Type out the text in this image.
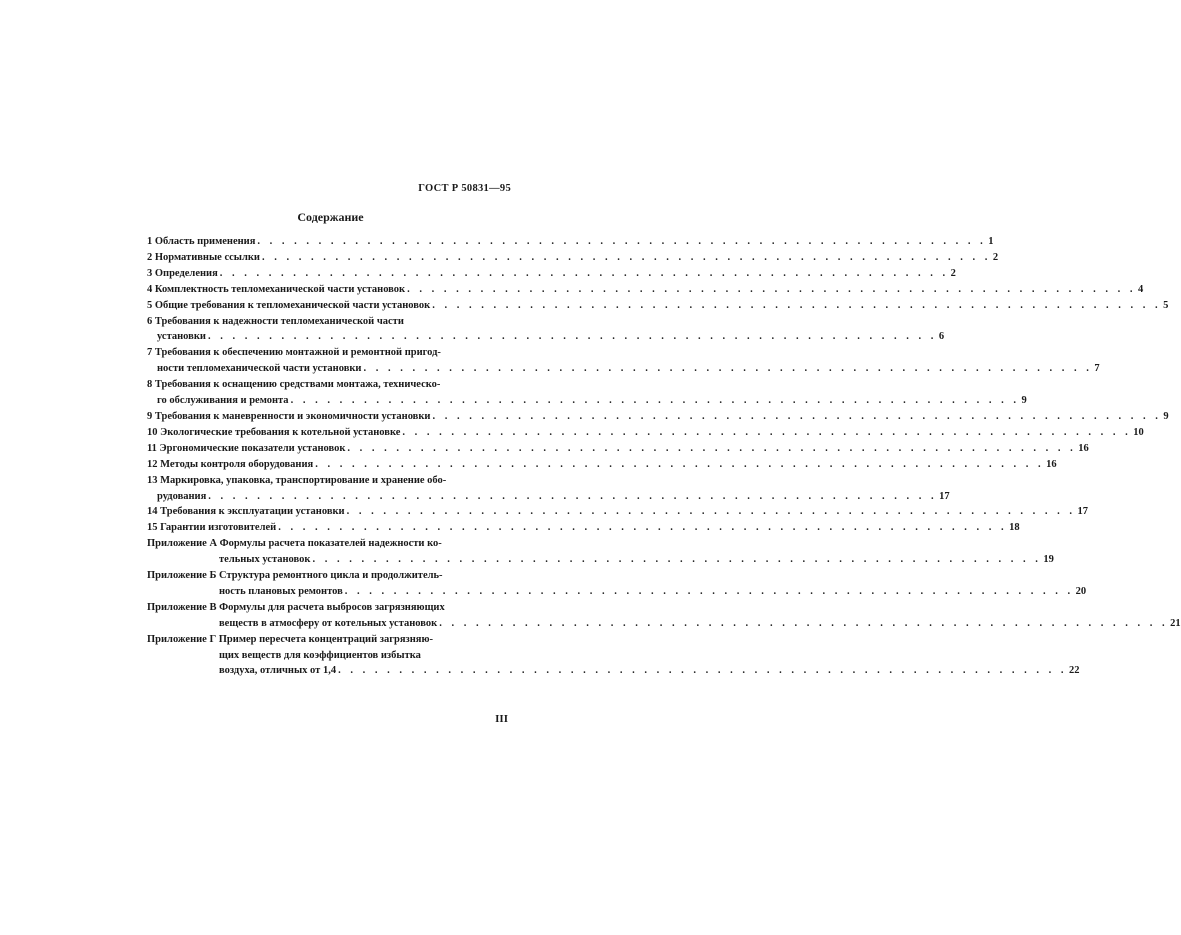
ГОСТ Р 50831—95
Содержание
1 Область применения . . . . . . . . . . . . . . . . . . . . . . . . . . . . . . . . . . . . . . . . . . . . . . . . . . . . . . . . . . . . 1
2 Нормативные ссылки . . . . . . . . . . . . . . . . . . . . . . . . . . . . . . . . . . . . . . . . . . . . . . . . . . . . . . . . . . . . 2
3 Определения . . . . . . . . . . . . . . . . . . . . . . . . . . . . . . . . . . . . . . . . . . . . . . . . . . . . . . . . . . . . 2
4 Комплектность тепломеханической части установок . . . . . . . . . . . . . . . . . . . . . . . . . . . . . . . . . . . . . . . . . . . . . . . . . . . . . . . . . . . . 4
5 Общие требования к тепломеханической части установок . . . . . . . . . . . . . . . . . . . . . . . . . . . . . . . . . . . . . . . . . . . . . . . . . . . . . . . . . . . . 5
6 Требования к надежности тепломеханической части
установки . . . . . . . . . . . . . . . . . . . . . . . . . . . . . . . . . . . . . . . . . . . . . . . . . . . . . . . . . . . . 6
7 Требования к обеспечению монтажной и ремонтной пригод-
ности тепломеханической части установки . . . . . . . . . . . . . . . . . . . . . . . . . . . . . . . . . . . . . . . . . . . . . . . . . . . . . . . . . . . . 7
8 Требования к оснащению средствами монтажа, техническо-
го обслуживания и ремонта . . . . . . . . . . . . . . . . . . . . . . . . . . . . . . . . . . . . . . . . . . . . . . . . . . . . . . . . . . . . 9
9 Требования к маневренности и экономичности установки . . . . . . . . . . . . . . . . . . . . . . . . . . . . . . . . . . . . . . . . . . . . . . . . . . . . . . . . . . . . 9
10 Экологические требования к котельной установке . . . . . . . . . . . . . . . . . . . . . . . . . . . . . . . . . . . . . . . . . . . . . . . . . . . . . . . . . . . . 10
11 Эргономические показатели установок . . . . . . . . . . . . . . . . . . . . . . . . . . . . . . . . . . . . . . . . . . . . . . . . . . . . . . . . . . . . 16
12 Методы контроля оборудования . . . . . . . . . . . . . . . . . . . . . . . . . . . . . . . . . . . . . . . . . . . . . . . . . . . . . . . . . . . . 16
13 Маркировка, упаковка, транспортирование и хранение обо-
рудования . . . . . . . . . . . . . . . . . . . . . . . . . . . . . . . . . . . . . . . . . . . . . . . . . . . . . . . . . . . . 17
14 Требования к эксплуатации установки . . . . . . . . . . . . . . . . . . . . . . . . . . . . . . . . . . . . . . . . . . . . . . . . . . . . . . . . . . . . 17
15 Гарантии изготовителей . . . . . . . . . . . . . . . . . . . . . . . . . . . . . . . . . . . . . . . . . . . . . . . . . . . . . . . . . . . . 18
Приложение А Формулы расчета показателей надежности ко-
тельных установок . . . . . . . . . . . . . . . . . . . . . . . . . . . . . . . . . . . . . . . . . . . . . . . . . . . . . . . . . . . . 19
Приложение Б Структура ремонтного цикла и продолжитель-
ность плановых ремонтов . . . . . . . . . . . . . . . . . . . . . . . . . . . . . . . . . . . . . . . . . . . . . . . . . . . . . . . . . . . . 20
Приложение В Формулы для расчета выбросов загрязняющих
веществ в атмосферу от котельных установок . . . . . . . . . . . . . . . . . . . . . . . . . . . . . . . . . . . . . . . . . . . . . . . . . . . . . . . . . . . . 21
Приложение Г Пример пересчета концентраций загрязняю-
щих веществ для коэффициентов избытка
воздуха, отличных от 1,4 . . . . . . . . . . . . . . . . . . . . . . . . . . . . . . . . . . . . . . . . . . . . . . . . . . . . . . . . . . . . 22
III
